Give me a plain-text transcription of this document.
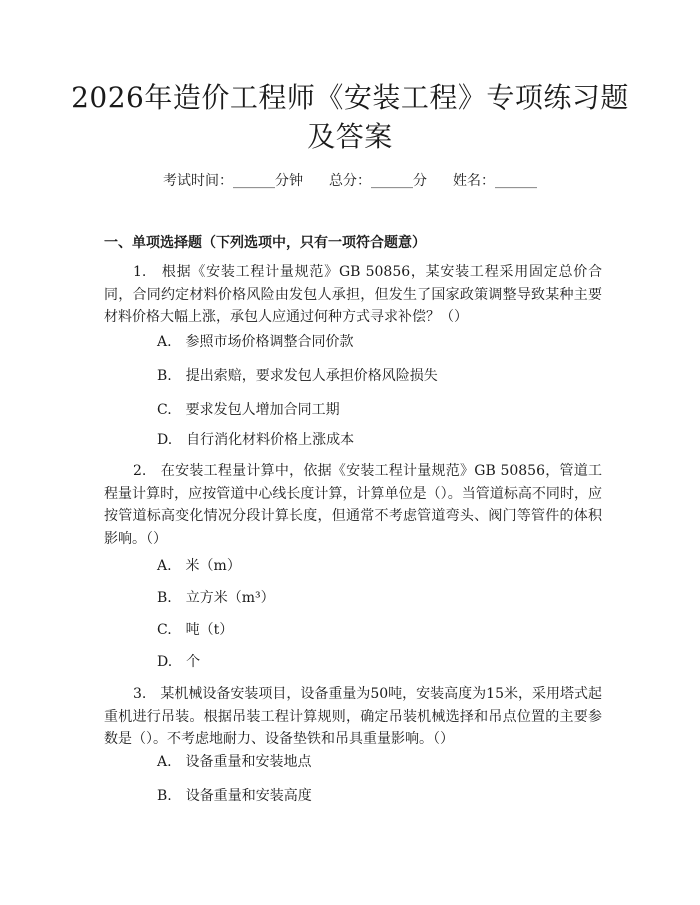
2026年造价工程师《安装工程》专项练习题及答案
考试时间：______分钟 总分：______分 姓名：______
一、单项选择题（下列选项中，只有一项符合题意）
1.　根据《安装工程计量规范》GB 50856，某安装工程采用固定总价合同，合同约定材料价格风险由发包人承担，但发生了国家政策调整导致某种主要材料价格大幅上涨，承包人应通过何种方式寻求补偿？（）
A.　参照市场价格调整合同价款
B.　提出索赔，要求发包人承担价格风险损失
C.　要求发包人增加合同工期
D.　自行消化材料价格上涨成本
2.　在安装工程量计算中，依据《安装工程计量规范》GB 50856，管道工程量计算时，应按管道中心线长度计算，计算单位是（）。当管道标高不同时，应按管道标高变化情况分段计算长度，但通常不考虑管道弯头、阀门等管件的体积影响。（）
A.　米（m）
B.　立方米（m³）
C.　吨（t）
D.　个
3.　某机械设备安装项目，设备重量为50吨，安装高度为15米，采用塔式起重机进行吊装。根据吊装工程计算规则，确定吊装机械选择和吊点位置的主要参数是（）。不考虑地耐力、设备垫铁和吊具重量影响。（）
A.　设备重量和安装地点
B.　设备重量和安装高度
